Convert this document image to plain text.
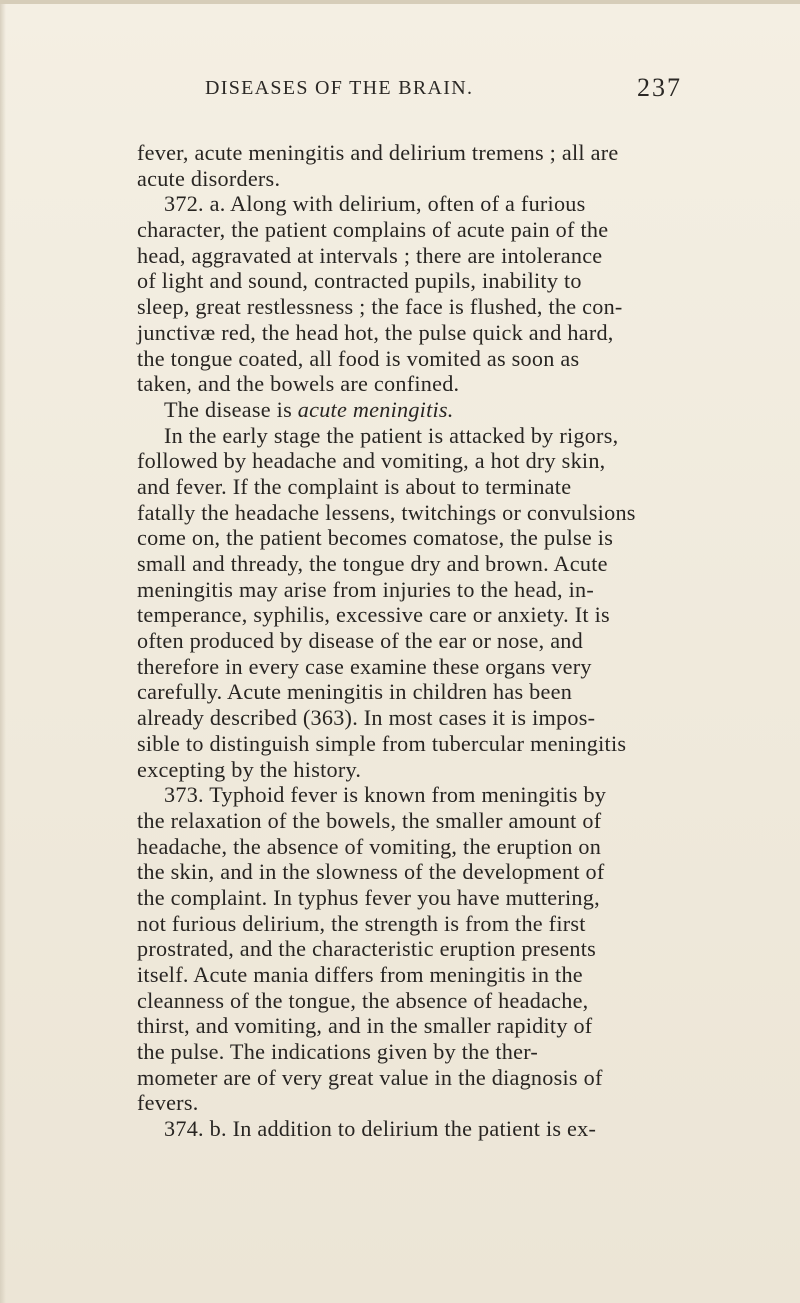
DISEASES OF THE BRAIN.	237
fever, acute meningitis and delirium tremens ; all are
acute disorders.
372. a. Along with delirium, often of a furious
character, the patient complains of acute pain of the
head, aggravated at intervals ; there are intolerance
of light and sound, contracted pupils, inability to
sleep, great restlessness ; the face is flushed, the con-
junctivæ red, the head hot, the pulse quick and hard,
the tongue coated, all food is vomited as soon as
taken, and the bowels are confined.
The disease is acute meningitis.
In the early stage the patient is attacked by rigors,
followed by headache and vomiting, a hot dry skin,
and fever. If the complaint is about to terminate
fatally the headache lessens, twitchings or convulsions
come on, the patient becomes comatose, the pulse is
small and thready, the tongue dry and brown. Acute
meningitis may arise from injuries to the head, in-
temperance, syphilis, excessive care or anxiety. It is
often produced by disease of the ear or nose, and
therefore in every case examine these organs very
carefully. Acute meningitis in children has been
already described (363). In most cases it is impos-
sible to distinguish simple from tubercular meningitis
excepting by the history.
373. Typhoid fever is known from meningitis by
the relaxation of the bowels, the smaller amount of
headache, the absence of vomiting, the eruption on
the skin, and in the slowness of the development of
the complaint. In typhus fever you have muttering,
not furious delirium, the strength is from the first
prostrated, and the characteristic eruption presents
itself. Acute mania differs from meningitis in the
cleanness of the tongue, the absence of headache,
thirst, and vomiting, and in the smaller rapidity of
the pulse. The indications given by the ther-
mometer are of very great value in the diagnosis of
fevers.
374. b. In addition to delirium the patient is ex-
